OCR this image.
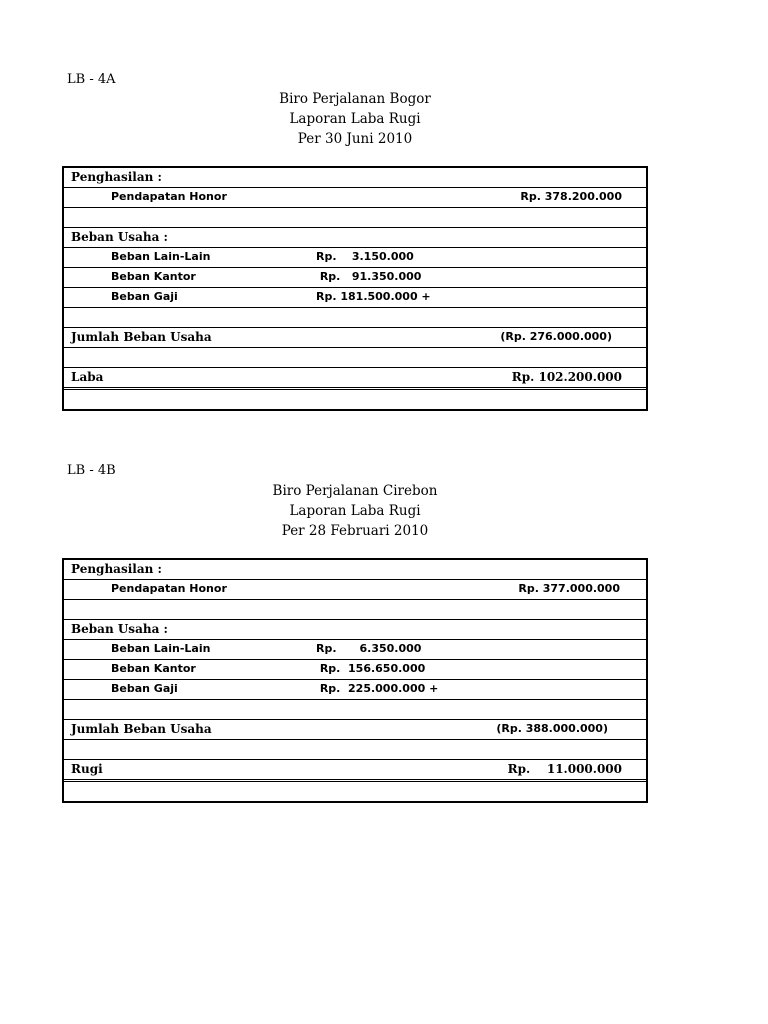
LB - 4A
Biro Perjalanan Bogor
Laporan Laba Rugi
Per 30 Juni 2010
Penghasilan :
Pendapatan Honor	Rp. 378.200.000
Beban Usaha :
Beban Lain-Lain	Rp.    3.150.000
Beban Kantor	Rp.   91.350.000
Beban Gaji	Rp. 181.500.000 +
Jumlah Beban Usaha	(Rp. 276.000.000)
Laba	Rp. 102.200.000
LB - 4B
Biro Perjalanan Cirebon
Laporan Laba Rugi
Per 28 Februari 2010
Penghasilan :
Pendapatan Honor	Rp. 377.000.000
Beban Usaha :
Beban Lain-Lain	Rp.      6.350.000
Beban Kantor	Rp.  156.650.000
Beban Gaji	Rp.  225.000.000 +
Jumlah Beban Usaha	(Rp. 388.000.000)
Rugi	Rp.    11.000.000
